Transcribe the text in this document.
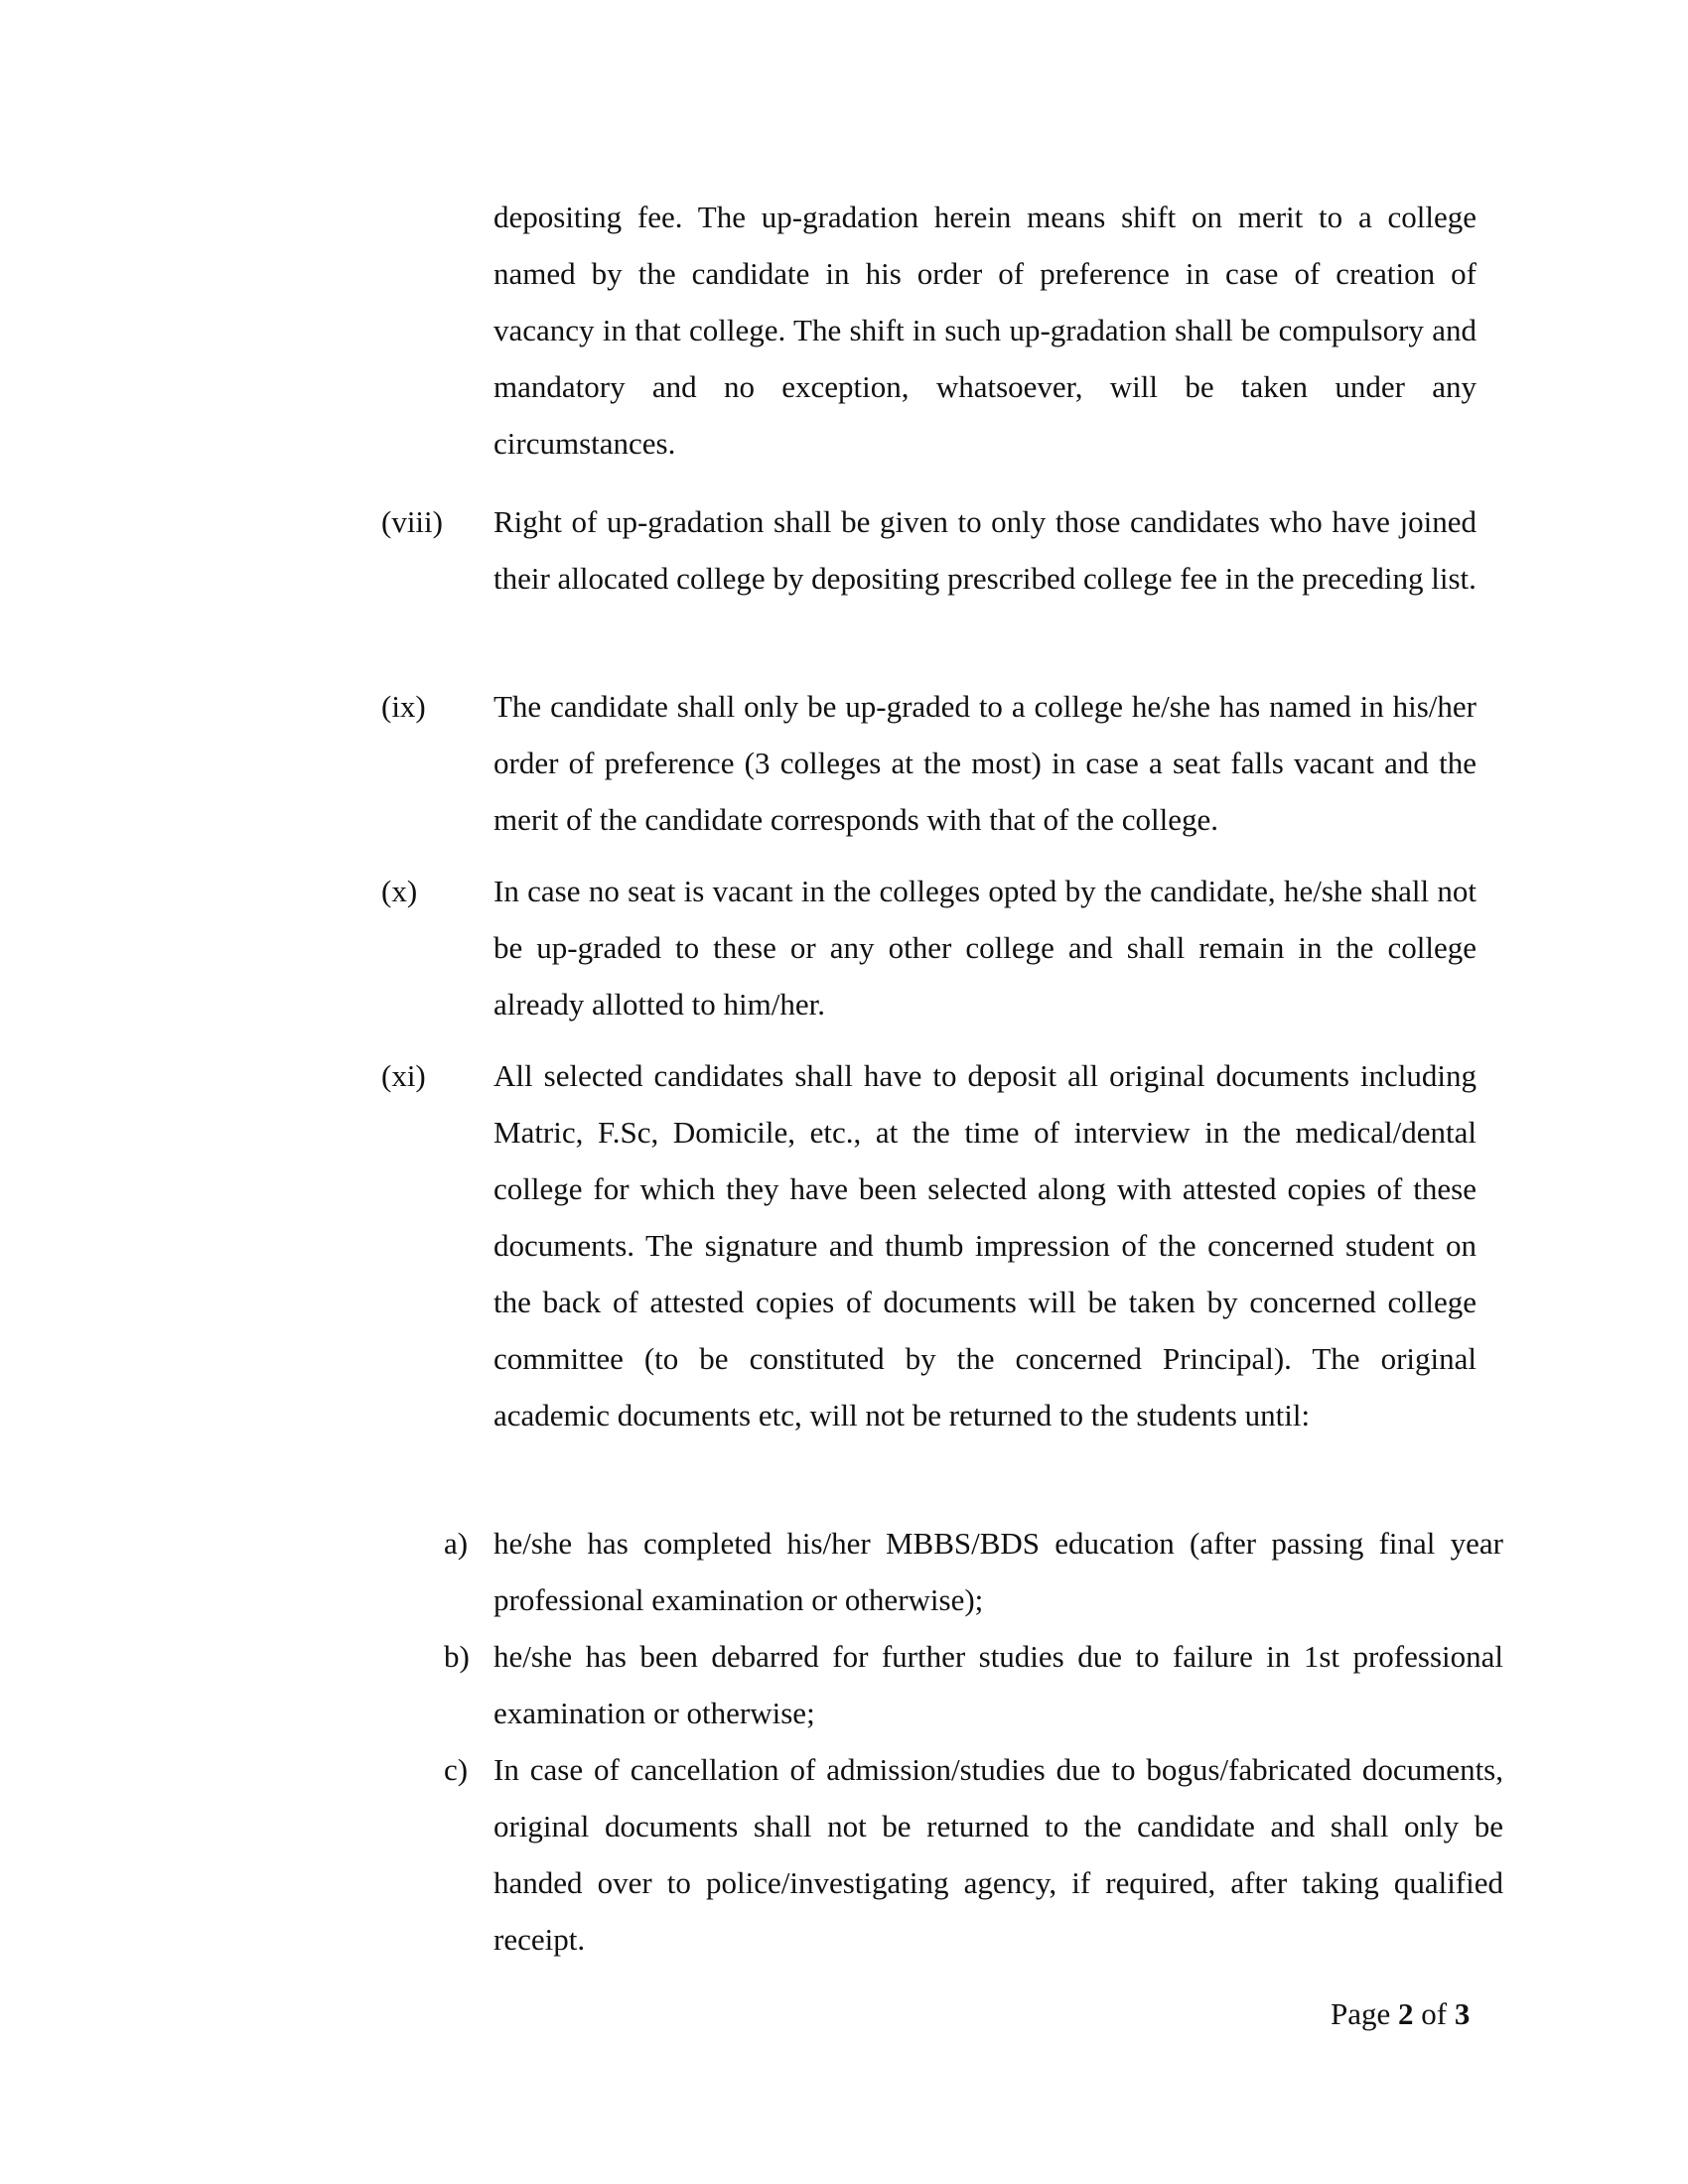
depositing fee. The up-gradation herein means shift on merit to a college named by the candidate in his order of preference in case of creation of vacancy in that college. The shift in such up-gradation shall be compulsory and mandatory and no exception, whatsoever, will be taken under any circumstances.
(viii) Right of up-gradation shall be given to only those candidates who have joined their allocated college by depositing prescribed college fee in the preceding list.
(ix) The candidate shall only be up-graded to a college he/she has named in his/her order of preference (3 colleges at the most) in case a seat falls vacant and the merit of the candidate corresponds with that of the college.
(x) In case no seat is vacant in the colleges opted by the candidate, he/she shall not be up-graded to these or any other college and shall remain in the college already allotted to him/her.
(xi) All selected candidates shall have to deposit all original documents including Matric, F.Sc, Domicile, etc., at the time of interview in the medical/dental college for which they have been selected along with attested copies of these documents. The signature and thumb impression of the concerned student on the back of attested copies of documents will be taken by concerned college committee (to be constituted by the concerned Principal). The original academic documents etc, will not be returned to the students until:
a) he/she has completed his/her MBBS/BDS education (after passing final year professional examination or otherwise);
b) he/she has been debarred for further studies due to failure in 1st professional examination or otherwise;
c) In case of cancellation of admission/studies due to bogus/fabricated documents, original documents shall not be returned to the candidate and shall only be handed over to police/investigating agency, if required, after taking qualified receipt.
Page 2 of 3
